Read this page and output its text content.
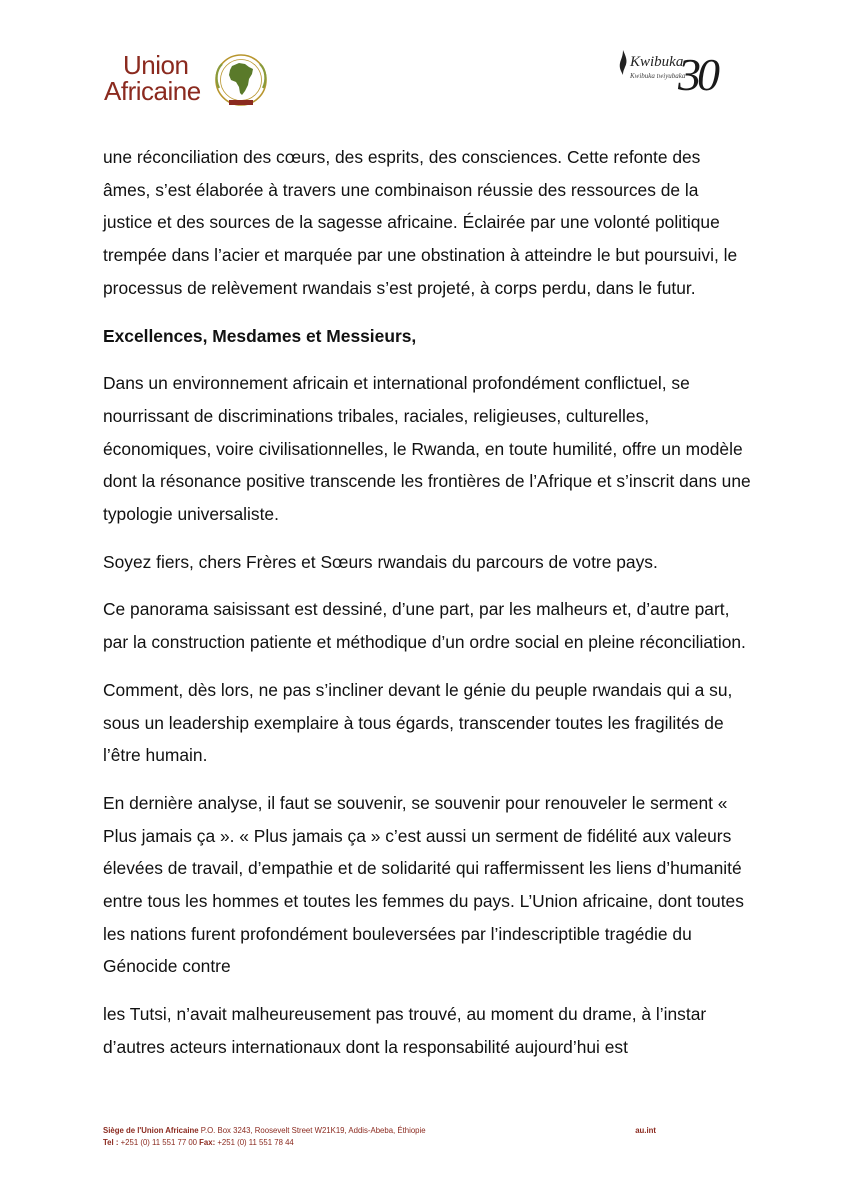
Union
Africaine
Kwibuka
Kwibuka twiyubaka
30

une réconciliation des cœurs, des esprits, des consciences. Cette refonte des âmes, s’est élaborée à travers une combinaison réussie des ressources de la justice et des sources de la sagesse africaine. Éclairée par une volonté politique trempée dans l’acier et marquée par une obstination à atteindre le but poursuivi, le processus de relèvement rwandais s’est projeté, à corps perdu, dans le futur.

Excellences, Mesdames et Messieurs,

Dans un environnement africain et international profondément conflictuel, se nourrissant de discriminations tribales, raciales, religieuses, culturelles, économiques, voire civilisationnelles, le Rwanda, en toute humilité, offre un modèle dont la résonance positive transcende les frontières de l’Afrique et s’inscrit dans une typologie universaliste.

Soyez fiers, chers Frères et Sœurs rwandais du parcours de votre pays.

Ce panorama saisissant est dessiné, d’une part, par les malheurs et, d’autre part, par la construction patiente et méthodique d’un ordre social en pleine réconciliation.

Comment, dès lors, ne pas s’incliner devant le génie du peuple rwandais qui a su, sous un leadership exemplaire à tous égards, transcender toutes les fragilités de l’être humain.

En dernière analyse, il faut se souvenir, se souvenir pour renouveler le serment « Plus jamais ça ». « Plus jamais ça » c’est aussi un serment de fidélité aux valeurs élevées de travail, d’empathie et de solidarité qui raffermissent les liens d’humanité entre tous les hommes et toutes les femmes du pays. L’Union africaine, dont toutes les nations furent profondément bouleversées par l’indescriptible tragédie du Génocide contre

les Tutsi, n’avait malheureusement pas trouvé, au moment du drame, à l’instar d’autres acteurs internationaux dont la responsabilité aujourd’hui est

Siège de l'Union Africaine P.O. Box 3243, Roosevelt Street W21K19, Addis-Abeba, Éthiopie
Tel : +251 (0) 11 551 77 00 Fax: +251 (0) 11 551 78 44
au.int
